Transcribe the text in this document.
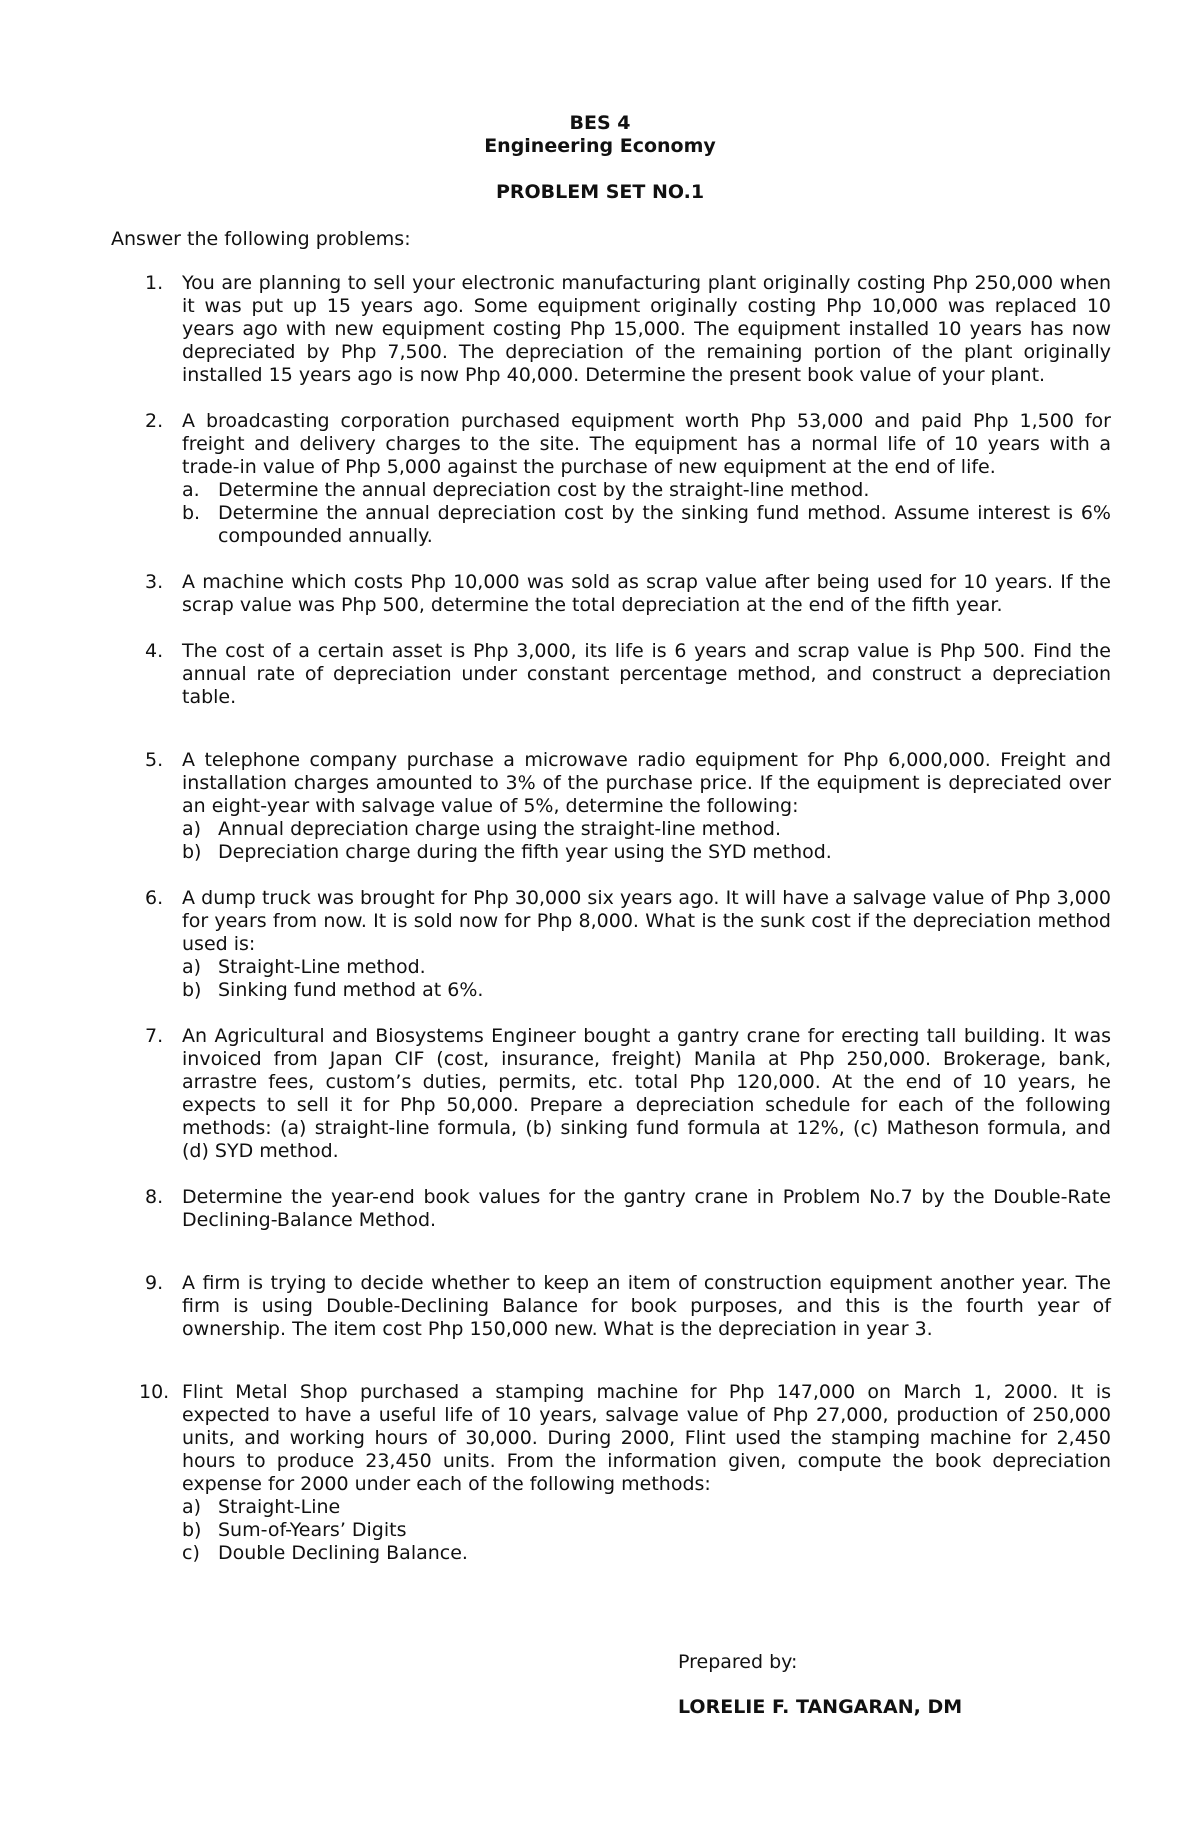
BES 4
Engineering Economy
PROBLEM SET NO.1
Answer the following problems:
1. You are planning to sell your electronic manufacturing plant originally costing Php 250,000 when it was put up 15 years ago. Some equipment originally costing Php 10,000 was replaced 10 years ago with new equipment costing Php 15,000. The equipment installed 10 years has now depreciated by Php 7,500. The depreciation of the remaining portion of the plant originally installed 15 years ago is now Php 40,000. Determine the present book value of your plant.
2. A broadcasting corporation purchased equipment worth Php 53,000 and paid Php 1,500 for freight and delivery charges to the site. The equipment has a normal life of 10 years with a trade-in value of Php 5,000 against the purchase of new equipment at the end of life.
a. Determine the annual depreciation cost by the straight-line method.
b. Determine the annual depreciation cost by the sinking fund method. Assume interest is 6% compounded annually.
3. A machine which costs Php 10,000 was sold as scrap value after being used for 10 years. If the scrap value was Php 500, determine the total depreciation at the end of the fifth year.
4. The cost of a certain asset is Php 3,000, its life is 6 years and scrap value is Php 500. Find the annual rate of depreciation under constant percentage method, and construct a depreciation table.
5. A telephone company purchase a microwave radio equipment for Php 6,000,000. Freight and installation charges amounted to 3% of the purchase price. If the equipment is depreciated over an eight-year with salvage value of 5%, determine the following:
a) Annual depreciation charge using the straight-line method.
b) Depreciation charge during the fifth year using the SYD method.
6. A dump truck was brought for Php 30,000 six years ago. It will have a salvage value of Php 3,000 for years from now. It is sold now for Php 8,000. What is the sunk cost if the depreciation method used is:
a) Straight-Line method.
b) Sinking fund method at 6%.
7. An Agricultural and Biosystems Engineer bought a gantry crane for erecting tall building. It was invoiced from Japan CIF (cost, insurance, freight) Manila at Php 250,000. Brokerage, bank, arrastre fees, custom’s duties, permits, etc. total Php 120,000. At the end of 10 years, he expects to sell it for Php 50,000. Prepare a depreciation schedule for each of the following methods: (a) straight-line formula, (b) sinking fund formula at 12%, (c) Matheson formula, and (d) SYD method.
8. Determine the year-end book values for the gantry crane in Problem No.7 by the Double-Rate Declining-Balance Method.
9. A firm is trying to decide whether to keep an item of construction equipment another year. The firm is using Double-Declining Balance for book purposes, and this is the fourth year of ownership. The item cost Php 150,000 new. What is the depreciation in year 3.
10. Flint Metal Shop purchased a stamping machine for Php 147,000 on March 1, 2000. It is expected to have a useful life of 10 years, salvage value of Php 27,000, production of 250,000 units, and working hours of 30,000. During 2000, Flint used the stamping machine for 2,450 hours to produce 23,450 units. From the information given, compute the book depreciation expense for 2000 under each of the following methods:
a) Straight-Line
b) Sum-of-Years’ Digits
c) Double Declining Balance.
Prepared by:
LORELIE F. TANGARAN, DM
